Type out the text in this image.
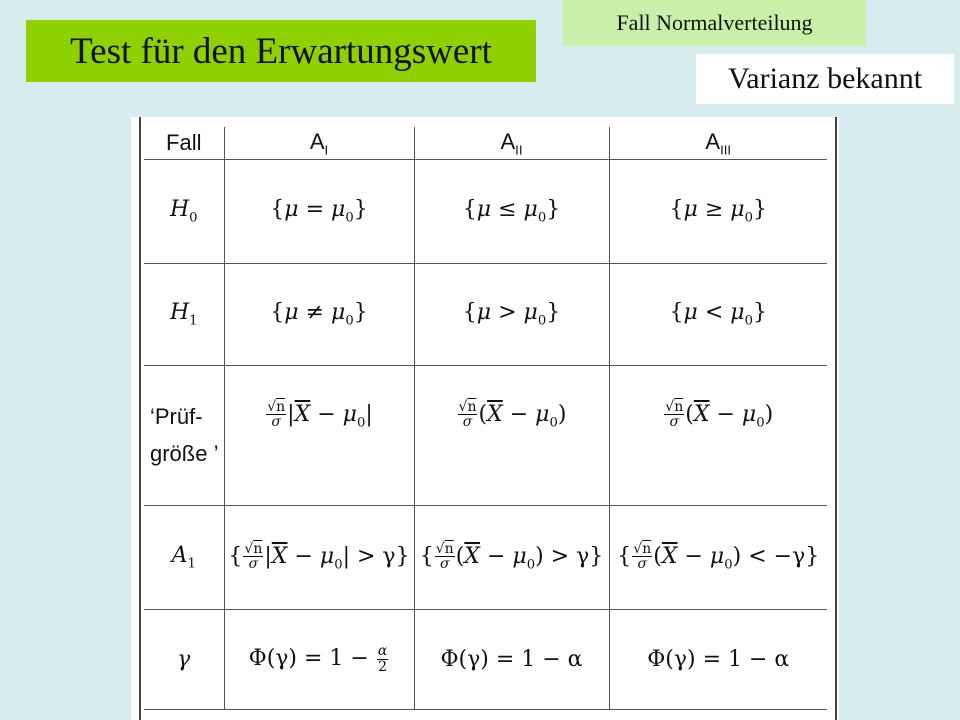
Test für den Erwartungswert
Fall Normalverteilung
Varianz bekannt
Fall	$A_I$	$A_{II}$	$A_{III}$
$H_0$	$\{\mu = \mu_0\}$	$\{\mu \le \mu_0\}$	$\{\mu \ge \mu_0\}$
$H_1$	$\{\mu \ne \mu_0\}$	$\{\mu > \mu_0\}$	$\{\mu < \mu_0\}$
‘Prüf-
größe ’	$\frac{√n}{\sigma} |\overline{X} - \mu_0|$	$\frac{√n}{\sigma} (\overline{X} - \mu_0)$	$\frac{√n}{\sigma} (\overline{X} - \mu_0)$
$A_1$	{ $\frac{√n}{\sigma} |\overline{X} - \mu_0| > \gamma$}	{ $\frac{√n}{\sigma} (\overline{X} - \mu_0) > \gamma$}	{ $\frac{√n}{\sigma} (\overline{X} - \mu_0) < -\gamma$}
γ	$\Phi(\gamma) = 1 - \frac{\alpha}{2}$	Φ(γ) = 1 − α	Φ(γ) = 1 − α
